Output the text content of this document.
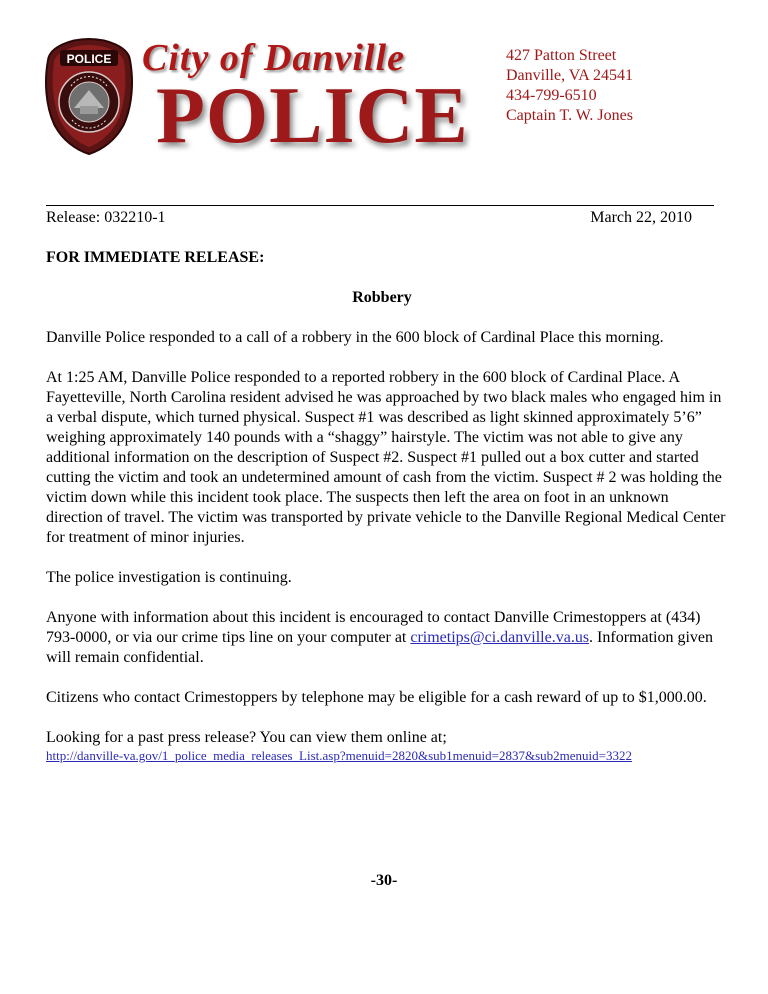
POLICE City of Danville
POLICE
427 Patton Street
Danville, VA 24541
434-799-6510
Captain T. W. Jones
Release: 032210-1	March 22, 2010

FOR IMMEDIATE RELEASE:

Robbery

Danville Police responded to a call of a robbery in the 600 block of Cardinal Place this morning.

At 1:25 AM, Danville Police responded to a reported robbery in the 600 block of Cardinal Place. A Fayetteville, North Carolina resident advised he was approached by two black males who engaged him in a verbal dispute, which turned physical. Suspect #1 was described as light skinned approximately 5’6” weighing approximately 140 pounds with a “shaggy” hairstyle. The victim was not able to give any additional information on the description of Suspect #2. Suspect #1 pulled out a box cutter and started cutting the victim and took an undetermined amount of cash from the victim. Suspect # 2 was holding the victim down while this incident took place. The suspects then left the area on foot in an unknown direction of travel. The victim was transported by private vehicle to the Danville Regional Medical Center for treatment of minor injuries.

The police investigation is continuing.

Anyone with information about this incident is encouraged to contact Danville Crimestoppers at (434) 793-0000, or via our crime tips line on your computer at crimetips@ci.danville.va.us. Information given will remain confidential.

Citizens who contact Crimestoppers by telephone may be eligible for a cash reward of up to $1,000.00.

Looking for a past press release? You can view them online at;
http://danville-va.gov/1_police_media_releases_List.asp?menuid=2820&sub1menuid=2837&sub2menuid=3322

-30-
